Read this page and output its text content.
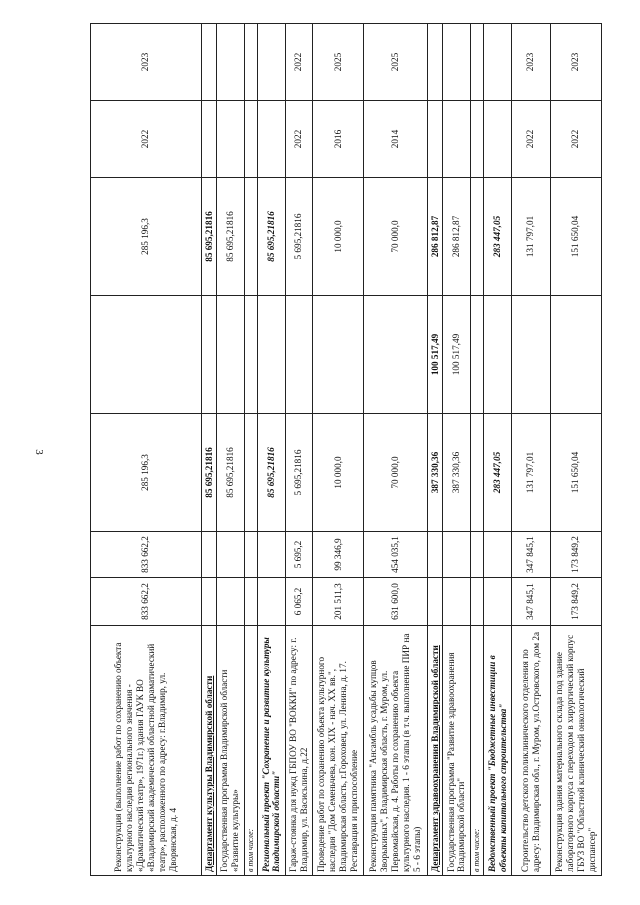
3
Реконструкция (выполнение работ по сохранению объекта культурного наследия регионального значения - «Драматический театр», 1971г.) здания ГАУК ВО «Владимирский академический областной драматический театр», расположенного по адресу: г.Владимир, ул. Дворянская, д. 4	833 662,2	833 662,2	285 196,3		285 196,3	2022	2023
Департамент культуры Владимирской области			85 695,21816		85 695,21816		
Государственная программа Владимирской области «Развитие культуры»			85 695,21816		85 695,21816		
в том числе:							
Региональный проект "Сохранение и развитие культуры Владимирской области"			85 695,21816		85 695,21816		
Гараж-стоянка для нужд ГБПОУ ВО "ВОККИ" по адресу: г. Владимир, ул. Васисьлина, д.22	6 065,2	5 695,2	5 695,21816		5 695,21816	2022	2022
Проведение работ по сохранению объекта культурного наследия "Дом Семеньчева, кон. XIX - нач. XX вв.", Владимирская область, г.Гороховец, ул. Ленина, д. 17. Реставрация и приспособление	201 511,3	99 346,9	10 000,0		10 000,0	2016	2025
Реконструкция памятника "Ансамбль усадьбы купцов Зворыкиных", Владимирская область, г. Муром, ул. Первомайская, д. 4. Работы по сохранению объекта культурного наследия. 1 - 6 этапы (в т.ч. выполнение ПИР на 5 - 6 этапы)	631 600,0	454 035,1	70 000,0		70 000,0	2014	2025
Департамент здравоохранения Владимирской области			387 330,36	100 517,49	286 812,87		
Государственная программа "Развитие здравоохранения Владимирской области"			387 330,36	100 517,49	286 812,87		
в том числе:							
Ведомственный проект "Бюджетные инвестиции в объекты капитального строительства"			283 447,05		283 447,05		
Строительство детского поликлинического отделения по адресу: Владимирская обл., г. Муром, ул.Островского, дом 2а	347 845,1	347 845,1	131 797,01		131 797,01	2022	2023
Реконструкция здания материального склада под здание лабораторного корпуса с переходом в хирургический корпус ГБУЗ ВО "Областной клинический онкологический диспансер"	173 849,2	173 849,2	151 650,04		151 650,04	2022	2023
